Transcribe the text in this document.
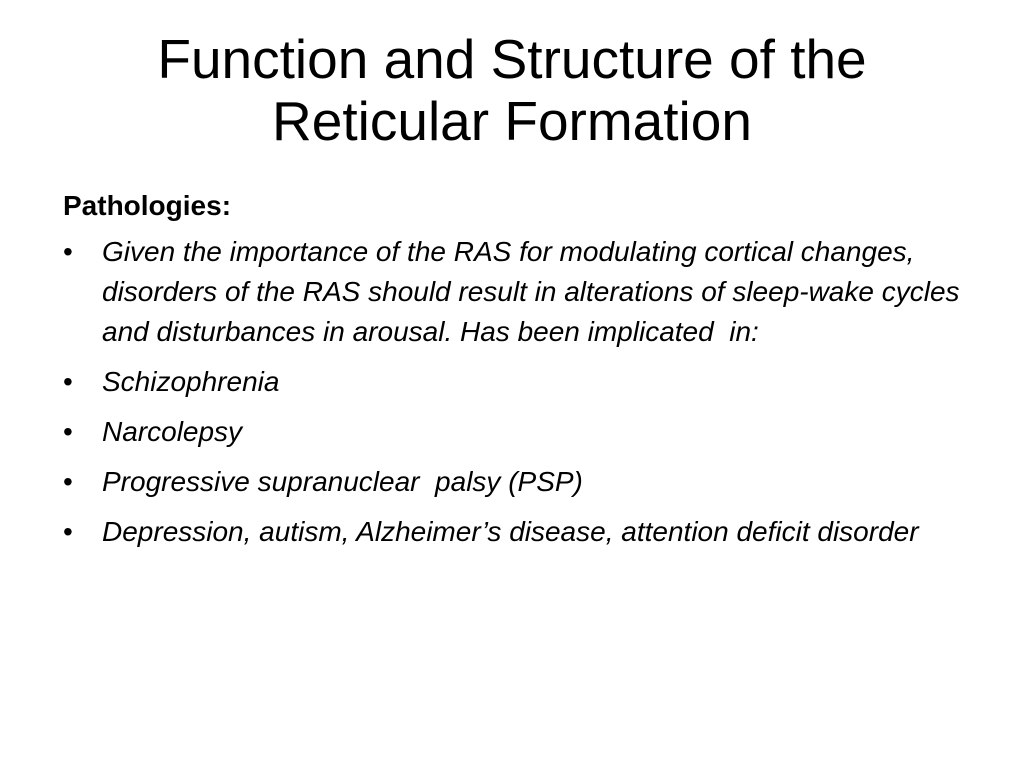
Function and Structure of the
Reticular Formation

Pathologies:

•	Given the importance of the RAS for modulating cortical changes, disorders of the RAS should result in alterations of sleep-wake cycles and disturbances in arousal. Has been implicated  in:
•	Schizophrenia
•	Narcolepsy
•	Progressive supranuclear  palsy (PSP)
•	Depression, autism, Alzheimer’s disease, attention deficit disorder
